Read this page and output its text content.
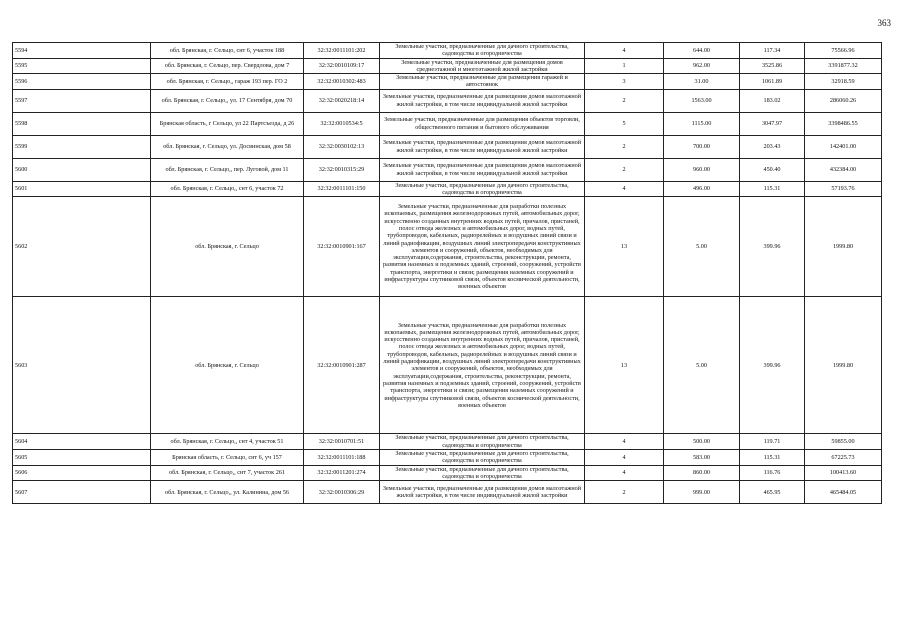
363
5594	обл. Брянская, г. Сельцо, снт 6, участок 188	32:32:0011101:202	Земельные участки, предназначенные для дачного строительства, садоводства и огородничества	4	644.00	117.34	75566.96
5595	обл. Брянская, г. Сельцо, пер. Свердлова, дом 7	32:32:0010109:17	Земельные участки, предназначенные для размещения домов среднеэтажной и многоэтажной жилой застройки	1	962.00	3525.86	3391877.32
5596	обл. Брянская, г. Сельцо,, гараж 193 пер. ГО 2	32:32:0010302:483	Земельные участки, предназначенные для размещения гаражей и автостоянок	3	31.00	1061.89	32918.59
5597	обл. Брянская, г. Сельцо,, ул. 17 Сентября, дом 70	32:32:0020218:14	Земельные участки, предназначенные для размещения домов малоэтажной жилой застройки, в том числе индивидуальной жилой застройки	2	1563.00	183.02	286060.26
5598	Брянская область, г Сельцо, ул 22 Партсъезда, д 26	32:32:0010534:5	Земельные участки, предназначенные для размещения объектов торговли, общественного питания и бытового обслуживания	5	1115.00	3047.97	3398486.55
5599	обл. Брянская, г. Сельцо, ул. Досвинская, дом 58	32:32:0030102:13	Земельные участки, предназначенные для размещения домов малоэтажной жилой застройки, в том числе индивидуальной жилой застройки	2	700.00	203.43	142401.00
5600	обл. Брянская, г. Сельцо,, пер. Луговой, дом 11	32:32:0010315:29	Земельные участки, предназначенные для размещения домов малоэтажной жилой застройки, в том числе индивидуальной жилой застройки	2	960.00	450.40	432384.00
5601	обл. Брянская, г. Сельцо,, снт 6, участок 72	32:32:0011101:150	Земельные участки, предназначенные для дачного строительства, садоводства и огородничества	4	496.00	115.31	57193.76
5602	обл. Брянская, г. Сельцо	32:32:0010901:167	Земельные участки, предназначенные для разработки полезных ископаемых, размещения железнодорожных путей, автомобильных дорог, искусственно созданных внутренних водных путей, причалов, пристаней, полос отвода железных и автомобильных дорог, водных путей, трубопроводов, кабельных, радиорелейных и воздушных линий связи и линий радиофикации, воздушных линий электропередачи конструктивных элементов и сооружений, объектов, необходимых для эксплуатации,содержания, строительства, реконструкции, ремонта, развития наземных и подземных зданий, строений, сооружений, устройств транспорта, энергетики и связи; размещения наземных сооружений и инфраструктуры спутниковой связи, объектов космической деятельности, военных объектов	13	5.00	399.96	1999.80
5603	обл. Брянская, г. Сельцо	32:32:0010901:287	Земельные участки, предназначенные для разработки полезных ископаемых, размещения железнодорожных путей, автомобильных дорог, искусственно созданных внутренних водных путей, причалов, пристаней, полос отвода железных и автомобильных дорог, водных путей, трубопроводов, кабельных, радиорелейных и воздушных линий связи и линий радиофикации, воздушных линий электропередачи конструктивных элементов и сооружений, объектов, необходимых для эксплуатации,содержания, строительства, реконструкции, ремонта, развития наземных и подземных зданий, строений, сооружений, устройств транспорта, энергетики и связи; размещения наземных сооружений и инфраструктуры спутниковой связи, объектов космической деятельности, военных объектов	13	5.00	399.96	1999.80
5604	обл. Брянская, г. Сельцо,, снт 4, участок 51	32:32:0010701:51	Земельные участки, предназначенные для дачного строительства, садоводства и огородничества	4	500.00	119.71	59855.00
5605	Брянская область, г. Сельцо, снт 6, уч 157	32:32:0011101:188	Земельные участки, предназначенные для дачного строительства, садоводства и огородничества	4	583.00	115.31	67225.73
5606	обл. Брянская, г. Сельцо,, снт 7, участок 261	32:32:0011201:274	Земельные участки, предназначенные для дачного строительства, садоводства и огородничества	4	860.00	116.76	100413.60
5607	обл. Брянская, г. Сельцо,, ул. Калинина, дом 56	32:32:0010306:29	Земельные участки, предназначенные для размещения домов малоэтажной жилой застройки, в том числе индивидуальной жилой застройки	2	999.00	465.95	465484.05
